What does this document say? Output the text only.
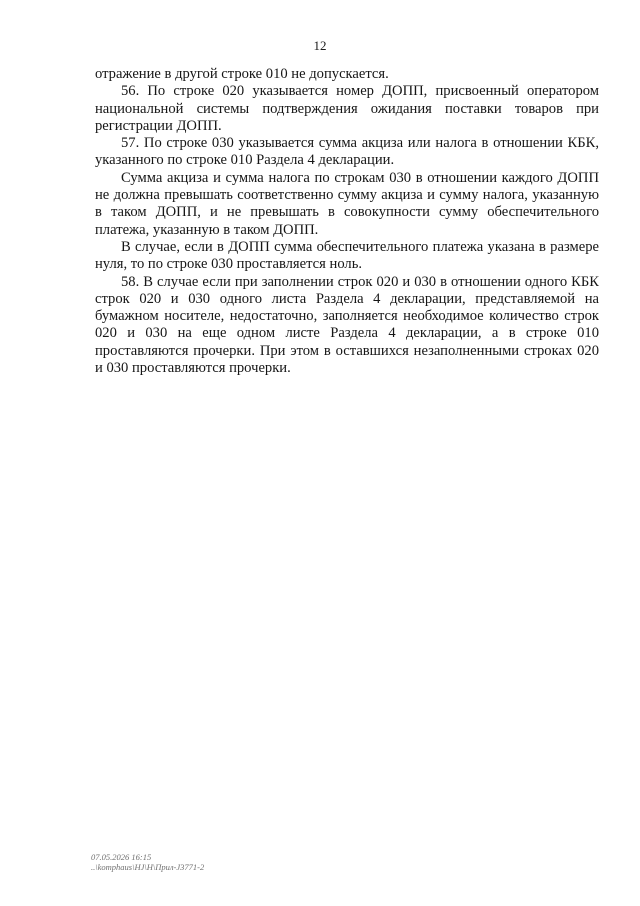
12

отражение в другой строке 010 не допускается.

56. По строке 020 указывается номер ДОПП, присвоенный оператором национальной системы подтверждения ожидания поставки товаров при регистрации ДОПП.

57. По строке 030 указывается сумма акциза или налога в отношении КБК, указанного по строке 010 Раздела 4 декларации.

Сумма акциза и сумма налога по строкам 030 в отношении каждого ДОПП не должна превышать соответственно сумму акциза и сумму налога, указанную в таком ДОПП, и не превышать в совокупности сумму обеспечительного платежа, указанную в таком ДОПП.

В случае, если в ДОПП сумма обеспечительного платежа указана в размере нуля, то по строке 030 проставляется ноль.

58. В случае если при заполнении строк 020 и 030 в отношении одного КБК строк 020 и 030 одного листа Раздела 4 декларации, представляемой на бумажном носителе, недостаточно, заполняется необходимое количество строк 020 и 030 на еще одном листе Раздела 4 декларации, а в строке 010 проставляются прочерки. При этом в оставшихся незаполненными строках 020 и 030 проставляются прочерки.

07.05.2026 16:15
..\komphaus\HJ\H\Прил-J3771-2
